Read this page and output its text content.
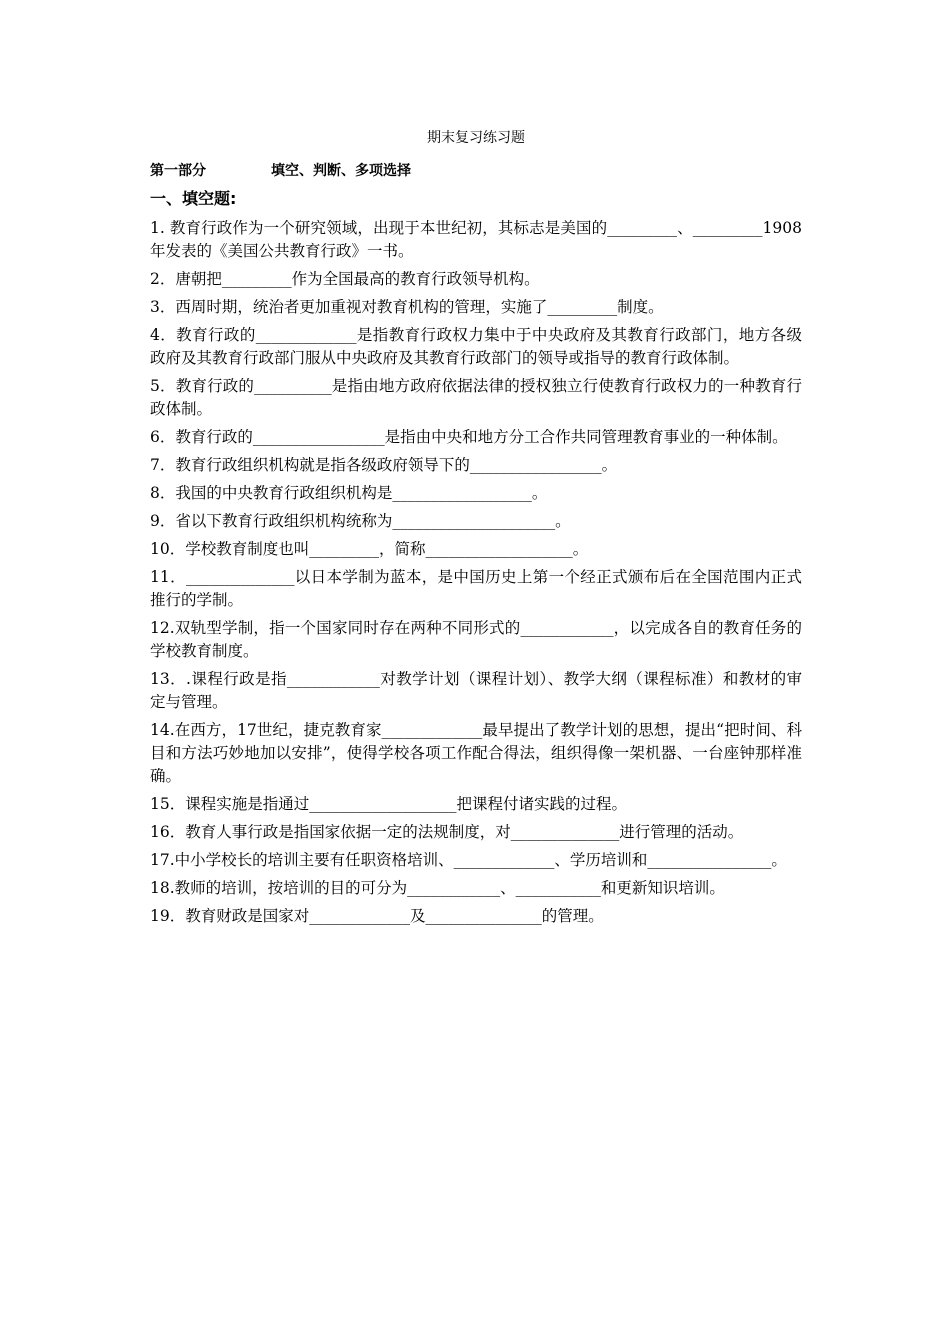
期末复习练习题
第一部分	填空、判断、多项选择
一、填空题:

1. 教育行政作为一个研究领域，出现于本世纪初，其标志是美国的_________、_________1908年发表的《美国公共教育行政》一书。

2．唐朝把_________作为全国最高的教育行政领导机构。

3．西周时期，统治者更加重视对教育机构的管理，实施了_________制度。

4．教育行政的_____________是指教育行政权力集中于中央政府及其教育行政部门，地方各级政府及其教育行政部门服从中央政府及其教育行政部门的领导或指导的教育行政体制。

5．教育行政的__________是指由地方政府依据法律的授权独立行使教育行政权力的一种教育行政体制。

6．教育行政的_________________是指由中央和地方分工合作共同管理教育事业的一种体制。

7．教育行政组织机构就是指各级政府领导下的_________________。

8．我国的中央教育行政组织机构是__________________。

9．省以下教育行政组织机构统称为_____________________。

10．学校教育制度也叫_________，简称___________________。

11．______________以日本学制为蓝本，是中国历史上第一个经正式颁布后在全国范围内正式推行的学制。

12.双轨型学制，指一个国家同时存在两种不同形式的____________，以完成各自的教育任务的学校教育制度。

13．.课程行政是指____________对教学计划（课程计划）、教学大纲（课程标准）和教材的审定与管理。

14.在西方，17世纪，捷克教育家_____________最早提出了教学计划的思想，提出“把时间、科目和方法巧妙地加以安排”，使得学校各项工作配合得法，组织得像一架机器、一台座钟那样准确。

15．课程实施是指通过___________________把课程付诸实践的过程。

16．教育人事行政是指国家依据一定的法规制度，对______________进行管理的活动。

17.中小学校长的培训主要有任职资格培训、_____________、学历培训和________________。

18.教师的培训，按培训的目的可分为____________、___________和更新知识培训。

19．教育财政是国家对_____________及_______________的管理。
